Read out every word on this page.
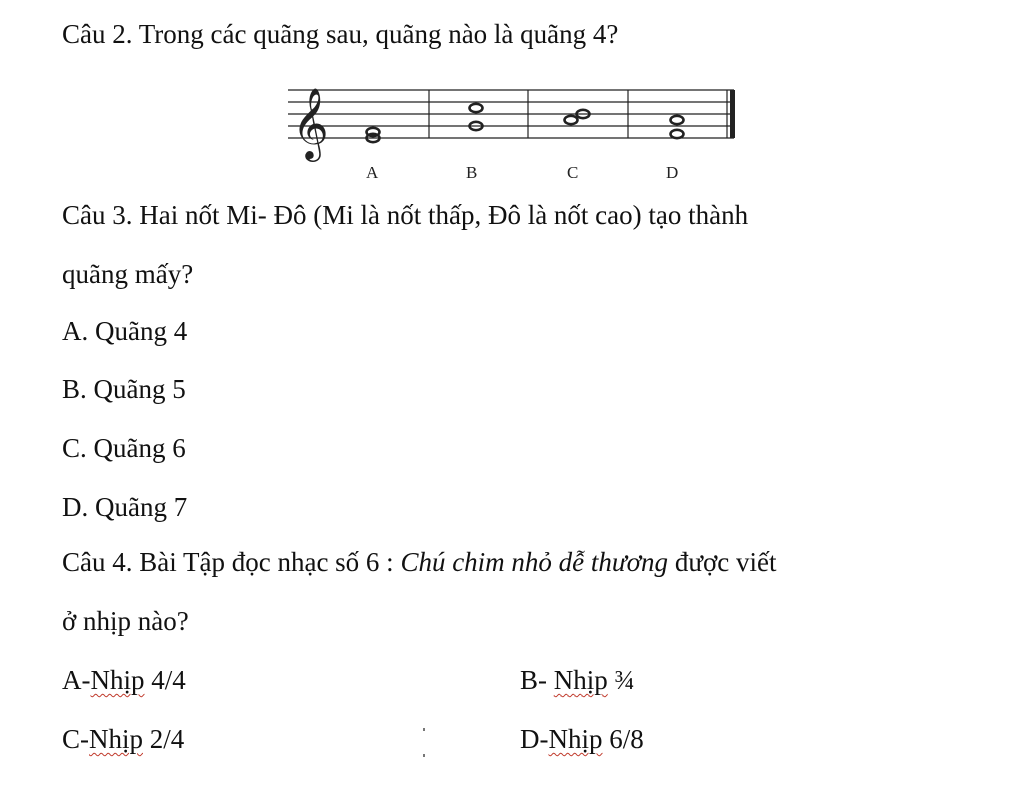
Câu 2. Trong các quãng sau, quãng nào là quãng 4?
𝄞
A	B	C	D
Câu 3. Hai nốt Mi- Đô (Mi là nốt thấp, Đô là nốt cao) tạo thành
quãng mấy?
A. Quãng 4
B. Quãng 5
C. Quãng 6
D. Quãng 7
Câu 4. Bài Tập đọc nhạc số 6 : Chú chim nhỏ dễ thương được viết
ở nhịp nào?
A-Nhịp 4/4	B- Nhịp ¾
C-Nhịp 2/4	D-Nhịp 6/8
